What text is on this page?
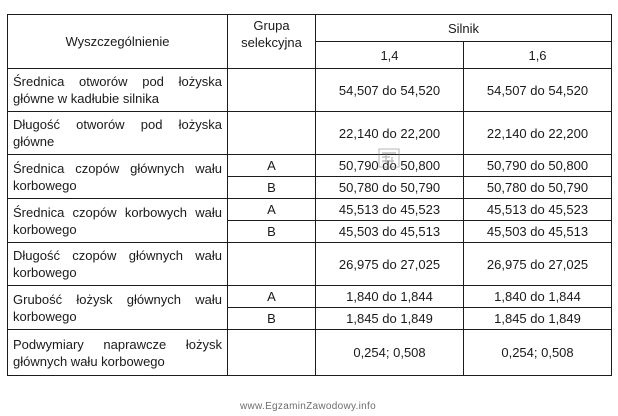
Wyszczególnienie	Grupa selekcyjna	Silnik	
		1,4	1,6
Średnica otworów pod łożyska główne w kadłubie silnika		54,507 do 54,520	54,507 do 54,520
Długość otworów pod łożyska główne		22,140 do 22,200	22,140 do 22,200
Średnica czopów głównych wału korbowego	A	50,790 do 50,800	50,790 do 50,800
	B	50,780 do 50,790	50,780 do 50,790
Średnica czopów korbowych wału korbowego	A	45,513 do 45,523	45,513 do 45,523
	B	45,503 do 45,513	45,503 do 45,513
Długość czopów głównych wału korbowego		26,975 do 27,025	26,975 do 27,025
Grubość łożysk głównych wału korbowego	A	1,840 do 1,844	1,840 do 1,844
	B	1,845 do 1,849	1,845 do 1,849
Podwymiary naprawcze łożysk głównych wału korbowego		0,254; 0,508	0,254; 0,508
www.EgzaminZawodowy.info
